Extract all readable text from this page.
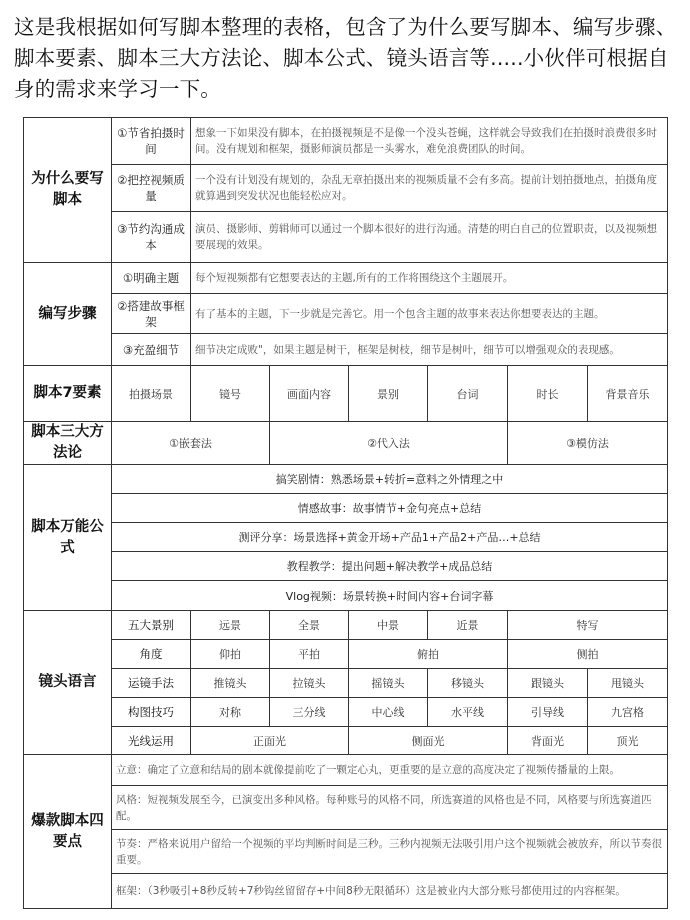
这是我根据如何写脚本整理的表格，包含了为什么要写脚本、编写步骤、脚本要素、脚本三大方法论、脚本公式、镜头语言等.....小伙伴可根据自身的需求来学习一下。
为什么要写脚本	①节省拍摄时间	想象一下如果没有脚本，在拍摄视频是不是像一个没头苍蝇，这样就会导致我们在拍摄时浪费很多时间。没有规划和框架，摄影师演员都是一头雾水，难免浪费团队的时间。					
	②把控视频质量	一个没有计划没有规划的，杂乱无章拍摄出来的视频质量不会有多高。提前计划拍摄地点，拍摄角度就算遇到突发状况也能轻松应对。					
	③节约沟通成本	演员、摄影师、剪辑师可以通过一个脚本很好的进行沟通。清楚的明白自己的位置职责，以及视频想要展现的效果。					
编写步骤	①明确主题	每个短视频都有它想要表达的主题,所有的工作将围绕这个主题展开。					
	②搭建故事框架	有了基本的主题，下一步就是完善它。用一个包含主题的故事来表达你想要表达的主题。					
	③充盈细节	细节决定成败"，如果主题是树干，框架是树枝，细节是树叶，细节可以增强观众的表现感。					
脚本7要素	拍摄场景	镜号	画面内容	景别	台词	时长	背景音乐
脚本三大方法论	①嵌套法		②代入法			③模仿法	
脚本万能公式	搞笑剧情：熟悉场景+转折=意料之外情理之中						
	情感故事：故事情节+金句亮点+总结						
	测评分享：场景选择+黄金开场+产品1+产品2+产品…+总结						
	教程教学：提出问题+解决教学+成品总结						
	Vlog视频：场景转换+时间内容+台词字幕						
镜头语言	五大景别	远景	全景	中景	近景	特写	
	角度	仰拍	平拍	俯拍		侧拍	
	运镜手法	推镜头	拉镜头	摇镜头	移镜头	跟镜头	甩镜头
	构图技巧	对称	三分线	中心线	水平线	引导线	九宫格
	光线运用	正面光		侧面光		背面光	顶光
爆款脚本四要点	立意：确定了立意和结局的剧本就像提前吃了一颗定心丸，更重要的是立意的高度决定了视频传播量的上限。						
	风格：短视频发展至今，已演变出多种风格。每种账号的风格不同，所选赛道的风格也是不同，风格要与所选赛道匹配。						
	节奏：严格来说用户留给一个视频的平均判断时间是三秒。三秒内视频无法吸引用户这个视频就会被放弃，所以节奏很重要。						
	框架：（3秒吸引+8秒反转+7秒钩丝留留存+中间8秒无限循环）这是被业内大部分账号都使用过的内容框架。						
